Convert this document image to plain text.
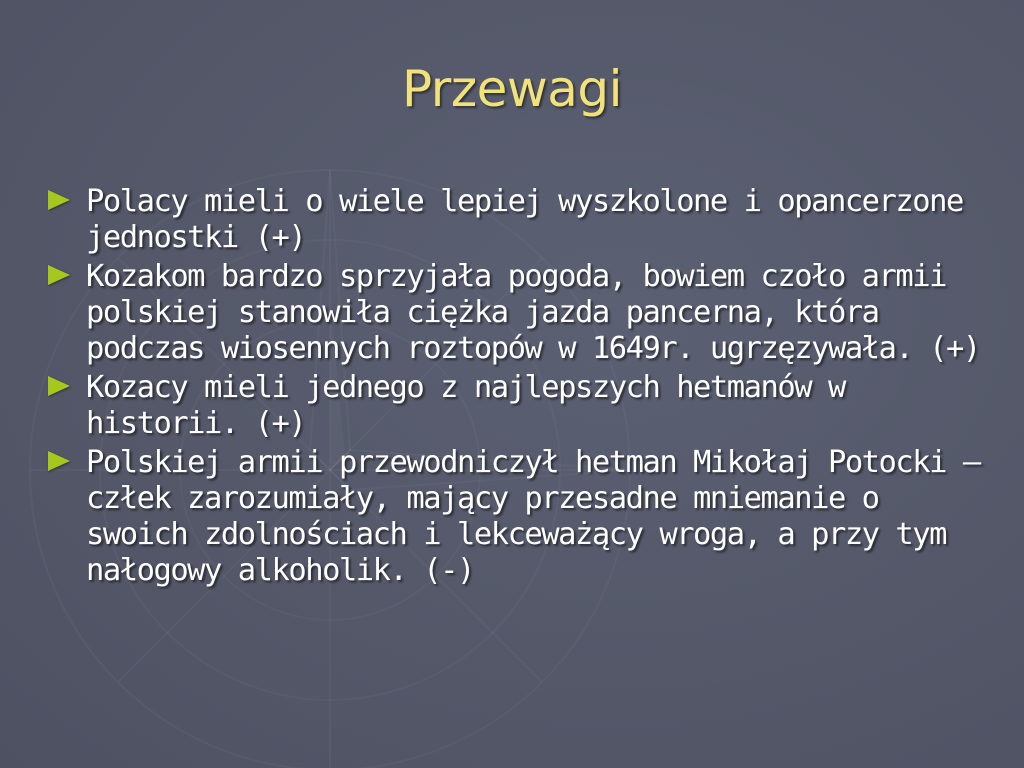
Przewagi
Polacy mieli o wiele lepiej wyszkolone i opancerzone jednostki (+)
Kozakom bardzo sprzyjała pogoda, bowiem czoło armii polskiej stanowiła ciężka jazda pancerna, która podczas wiosennych roztopów w 1649r. ugrzęzywała. (+)
Kozacy mieli jednego z najlepszych hetmanów w historii. (+)
Polskiej armii przewodniczył hetman Mikołaj Potocki – człek zarozumiały, mający przesadne mniemanie o swoich zdolnościach i lekceważący wroga, a przy tym nałogowy alkoholik. (-)
